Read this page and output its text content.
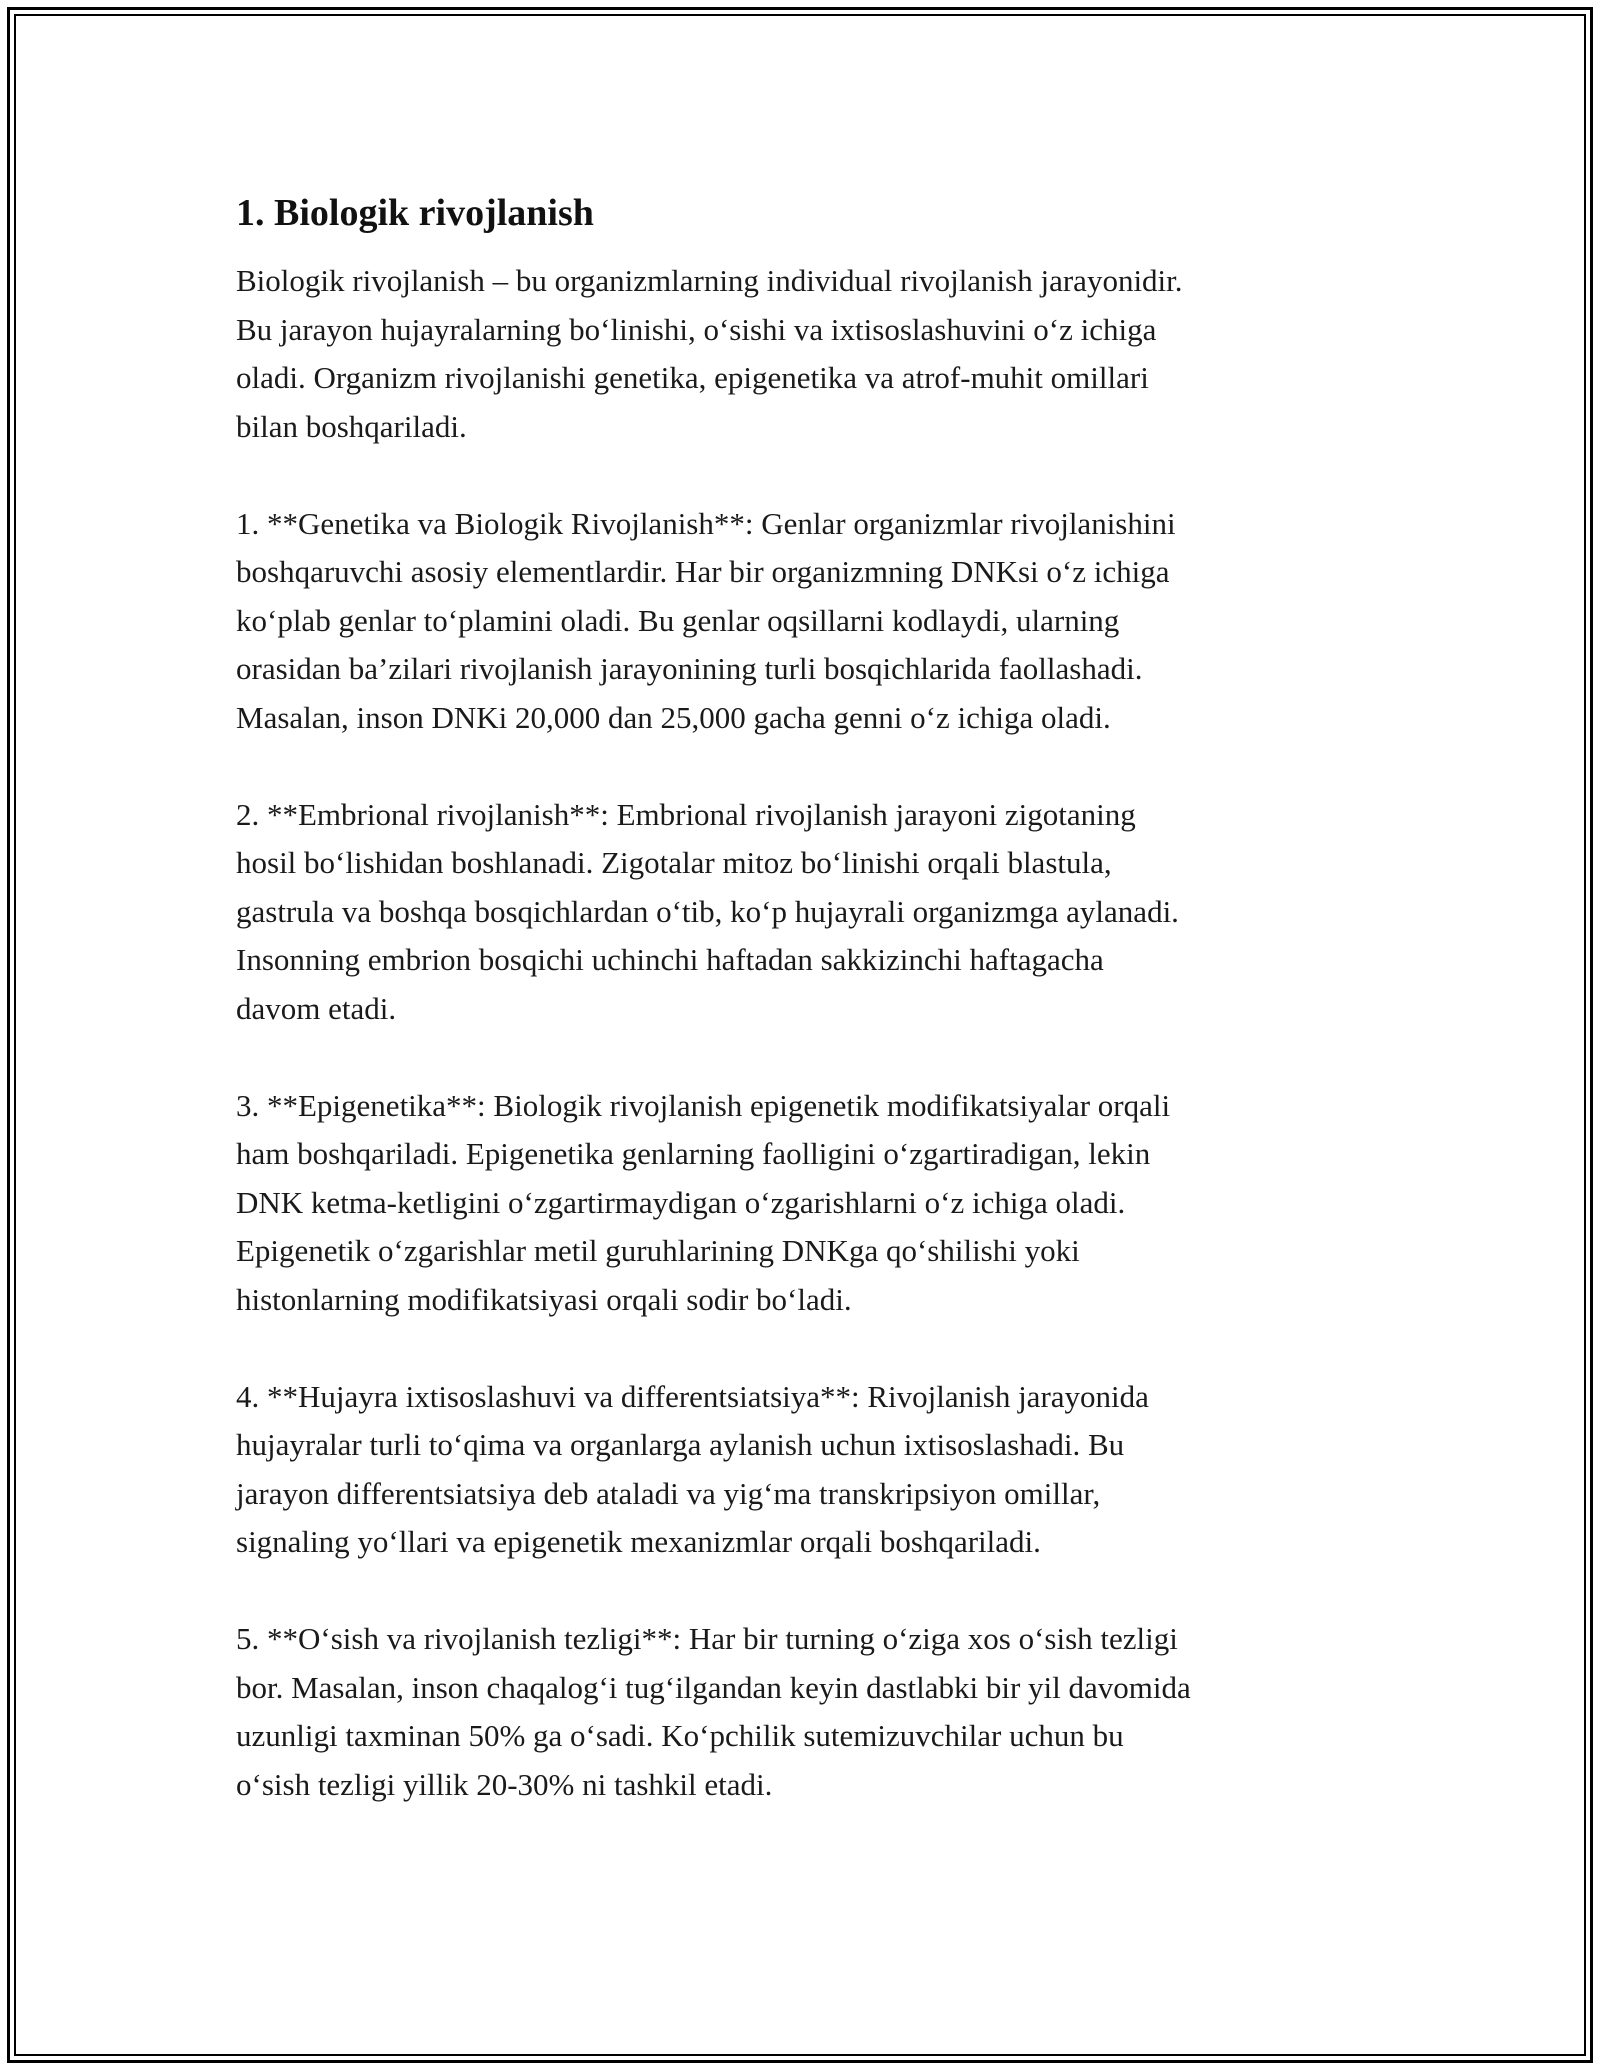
1. Biologik rivojlanish

Biologik rivojlanish – bu organizmlarning individual rivojlanish jarayonidir.
Bu jarayon hujayralarning bo‘linishi, o‘sishi va ixtisoslashuvini o‘z ichiga
oladi. Organizm rivojlanishi genetika, epigenetika va atrof-muhit omillari
bilan boshqariladi.

1. **Genetika va Biologik Rivojlanish**: Genlar organizmlar rivojlanishini
boshqaruvchi asosiy elementlardir. Har bir organizmning DNKsi o‘z ichiga
ko‘plab genlar to‘plamini oladi. Bu genlar oqsillarni kodlaydi, ularning
orasidan ba’zilari rivojlanish jarayonining turli bosqichlarida faollashadi.
Masalan, inson DNKi 20,000 dan 25,000 gacha genni o‘z ichiga oladi.

2. **Embrional rivojlanish**: Embrional rivojlanish jarayoni zigotaning
hosil bo‘lishidan boshlanadi. Zigotalar mitoz bo‘linishi orqali blastula,
gastrula va boshqa bosqichlardan o‘tib, ko‘p hujayrali organizmga aylanadi.
Insonning embrion bosqichi uchinchi haftadan sakkizinchi haftagacha
davom etadi.

3. **Epigenetika**: Biologik rivojlanish epigenetik modifikatsiyalar orqali
ham boshqariladi. Epigenetika genlarning faolligini o‘zgartiradigan, lekin
DNK ketma-ketligini o‘zgartirmaydigan o‘zgarishlarni o‘z ichiga oladi.
Epigenetik o‘zgarishlar metil guruhlarining DNKga qo‘shilishi yoki
histonlarning modifikatsiyasi orqali sodir bo‘ladi.

4. **Hujayra ixtisoslashuvi va differentsiatsiya**: Rivojlanish jarayonida
hujayralar turli to‘qima va organlarga aylanish uchun ixtisoslashadi. Bu
jarayon differentsiatsiya deb ataladi va yig‘ma transkripsiyon omillar,
signaling yo‘llari va epigenetik mexanizmlar orqali boshqariladi.

5. **O‘sish va rivojlanish tezligi**: Har bir turning o‘ziga xos o‘sish tezligi
bor. Masalan, inson chaqalog‘i tug‘ilgandan keyin dastlabki bir yil davomida
uzunligi taxminan 50% ga o‘sadi. Ko‘pchilik sutemizuvchilar uchun bu
o‘sish tezligi yillik 20-30% ni tashkil etadi.
